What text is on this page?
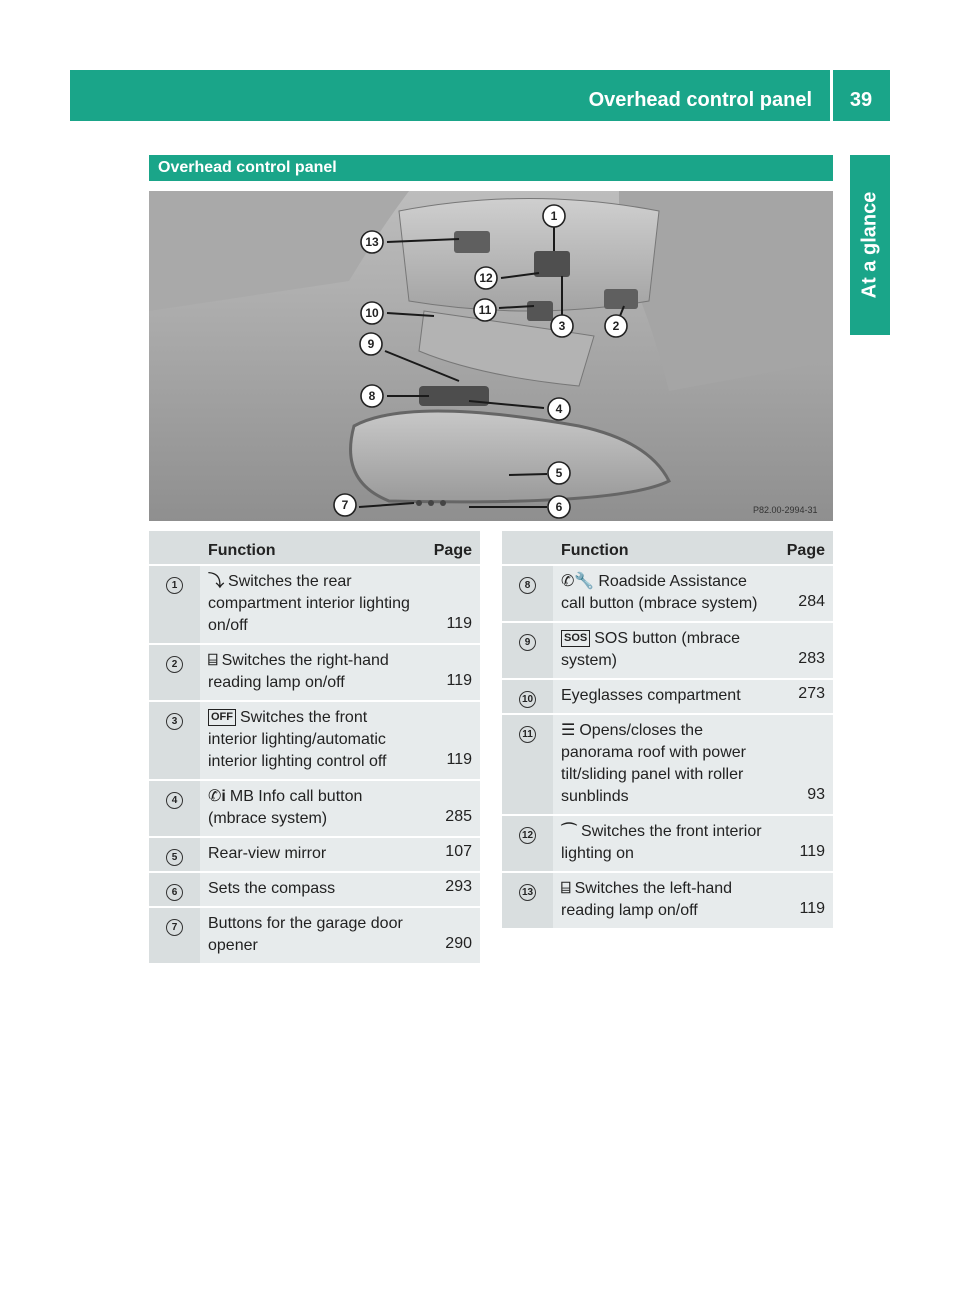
Overhead control panel	39
At a glance
Overhead control panel
P82.00-2994-31
1
2
3
4
5
6
7
8
9
10	11
12
13
	Function	Page
1	⤵ Switches the rear compartment interior lighting on/off	119
2	⌸ Switches the right-hand reading lamp on/off	119
3	OFF Switches the front interior lighting/automatic interior lighting control off	119
4	✆i MB Info call button (mbrace system)	285
5	Rear-view mirror	107
6	Sets the compass	293
7	Buttons for the garage door opener	290
	Function	Page
8	✆🔧 Roadside Assistance call button (mbrace system)	284
9	SOS SOS button (mbrace system)	283
10	Eyeglasses compartment	273
11	☰ Opens/closes the panorama roof with power tilt/sliding panel with roller sunblinds	93
12	⌒ Switches the front interior lighting on	119
13	⌸ Switches the left-hand reading lamp on/off	119
